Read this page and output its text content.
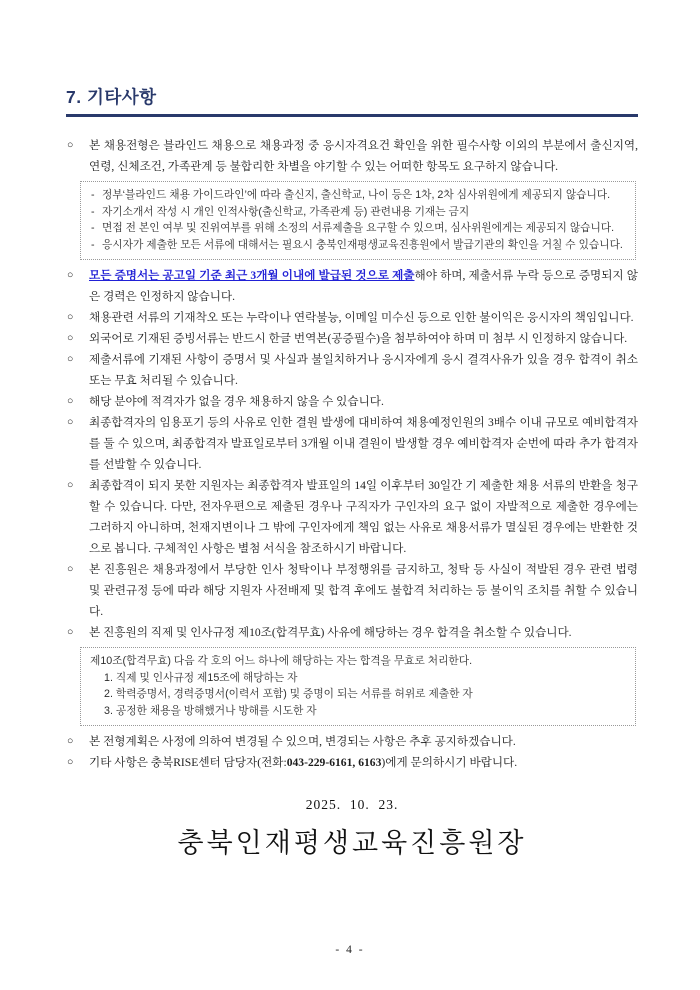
7. 기타사항
○ 본 채용전형은 블라인드 채용으로 채용과정 중 응시자격요건 확인을 위한 필수사항 이외의 부분에서 출신지역, 연령, 신체조건, 가족관계 등 불합리한 차별을 야기할 수 있는 어떠한 항목도 요구하지 않습니다.
- 정부‘블라인드 채용 가이드라인’에 따라 출신지, 출신학교, 나이 등은 1차, 2차 심사위원에게 제공되지 않습니다.
- 자기소개서 작성 시 개인 인적사항(출신학교, 가족관계 등) 관련내용 기재는 금지
- 면접 전 본인 여부 및 진위여부를 위해 소정의 서류제출을 요구할 수 있으며, 심사위원에게는 제공되지 않습니다.
- 응시자가 제출한 모든 서류에 대해서는 필요시 충북인재평생교육진흥원에서 발급기관의 확인을 거칠 수 있습니다.
○ 모든 증명서는 공고일 기준 최근 3개월 이내에 발급된 것으로 제출해야 하며, 제출서류 누락 등으로 증명되지 않은 경력은 인정하지 않습니다.
○ 채용관련 서류의 기재착오 또는 누락이나 연락불능, 이메일 미수신 등으로 인한 불이익은 응시자의 책임입니다.
○ 외국어로 기재된 증빙서류는 반드시 한글 번역본(공증필수)을 첨부하여야 하며 미 첨부 시 인정하지 않습니다.
○ 제출서류에 기재된 사항이 증명서 및 사실과 불일치하거나 응시자에게 응시 결격사유가 있을 경우 합격이 취소 또는 무효 처리될 수 있습니다.
○ 해당 분야에 적격자가 없을 경우 채용하지 않을 수 있습니다.
○ 최종합격자의 임용포기 등의 사유로 인한 결원 발생에 대비하여 채용예정인원의 3배수 이내 규모로 예비합격자를 둘 수 있으며, 최종합격자 발표일로부터 3개월 이내 결원이 발생할 경우 예비합격자 순번에 따라 추가 합격자를 선발할 수 있습니다.
○ 최종합격이 되지 못한 지원자는 최종합격자 발표일의 14일 이후부터 30일간 기 제출한 채용 서류의 반환을 청구할 수 있습니다. 다만, 전자우편으로 제출된 경우나 구직자가 구인자의 요구 없이 자발적으로 제출한 경우에는 그러하지 아니하며, 천재지변이나 그 밖에 구인자에게 책임 없는 사유로 채용서류가 멸실된 경우에는 반환한 것으로 봅니다. 구체적인 사항은 별첨 서식을 참조하시기 바랍니다.
○ 본 진흥원은 채용과정에서 부당한 인사 청탁이나 부정행위를 금지하고, 청탁 등 사실이 적발된 경우 관련 법령 및 관련규정 등에 따라 해당 지원자 사전배제 및 합격 후에도 불합격 처리하는 등 불이익 조치를 취할 수 있습니다.
○ 본 진흥원의 직제 및 인사규정 제10조(합격무효) 사유에 해당하는 경우 합격을 취소할 수 있습니다.
제10조(합격무효) 다음 각 호의 어느 하나에 해당하는 자는 합격을 무효로 처리한다.
1. 직제 및 인사규정 제15조에 해당하는 자
2. 학력증명서, 경력증명서(이력서 포함) 및 증명이 되는 서류를 허위로 제출한 자
3. 공정한 채용을 방해했거나 방해를 시도한 자
○ 본 전형계획은 사정에 의하여 변경될 수 있으며, 변경되는 사항은 추후 공지하겠습니다.
○ 기타 사항은 충북RISE센터 담당자(전화:043-229-6161, 6163)에게 문의하시기 바랍니다.
2025.  10.  23.
충북인재평생교육진흥원장
- 4 -
